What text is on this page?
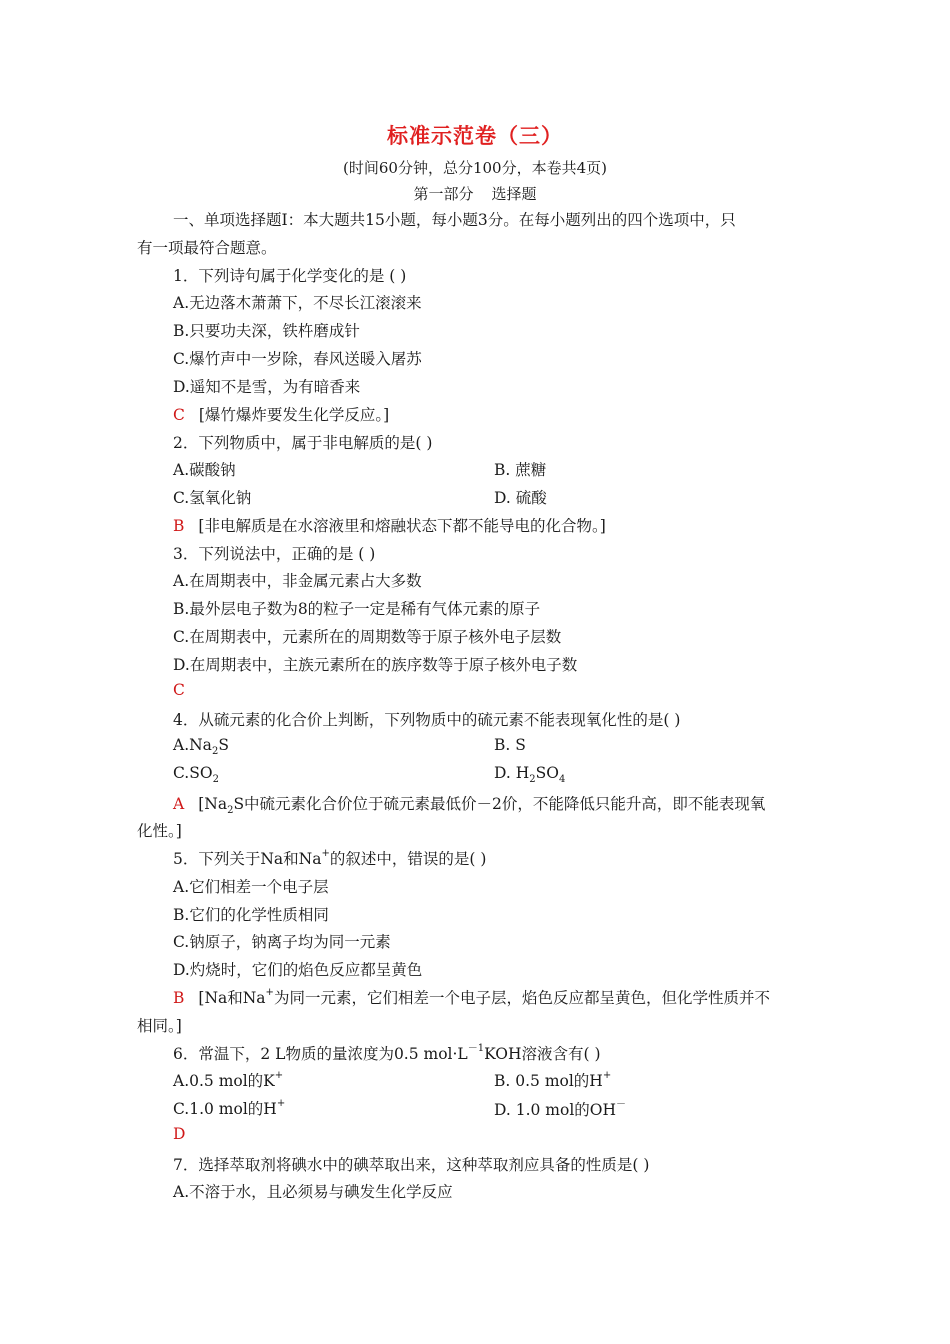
标准示范卷（三）
(时间60分钟，总分100分，本卷共4页)
第一部分 选择题
一、单项选择题Ⅰ：本大题共15小题，每小题3分。在每小题列出的四个选项中，只
有一项最符合题意。
1．下列诗句属于化学变化的是 ( )
A.无边落木萧萧下，不尽长江滚滚来
B.只要功夫深，铁杵磨成针
C.爆竹声中一岁除，春风送暖入屠苏
D.遥知不是雪，为有暗香来
C [爆竹爆炸要发生化学反应。]
2．下列物质中，属于非电解质的是( )
A.碳酸钠	B. 蔗糖
C.氢氧化钠	D. 硫酸
B [非电解质是在水溶液里和熔融状态下都不能导电的化合物。]
3．下列说法中，正确的是 ( )
A.在周期表中，非金属元素占大多数
B.最外层电子数为8的粒子一定是稀有气体元素的原子
C.在周期表中，元素所在的周期数等于原子核外电子层数
D.在周期表中，主族元素所在的族序数等于原子核外电子数
C
4．从硫元素的化合价上判断，下列物质中的硫元素不能表现氧化性的是( )
$A.Na_2S$	B. S
$C.SO_2$	D. $H_2SO_4$
A [$Na_2S$中硫元素化合价位于硫元素最低价－2价，不能降低只能升高，即不能表现氧
化性。]
5．下列关于Na和Na+的叙述中，错误的是( )
A.它们相差一个电子层
B.它们的化学性质相同
C.钠原子，钠离子均为同一元素
D.灼烧时，它们的焰色反应都呈黄色
B [Na和Na+为同一元素，它们相差一个电子层，焰色反应都呈黄色，但化学性质并不
相同。]
6．常温下，2 L物质的量浓度为0.5 $mol\cdot L^{-1}KOH$溶液含有( )
A.0.5 mol的K+	B. 0.5 mol的H+
C.1.0 mol的H+	D. 1.0 mol的OH－
D
7．选择萃取剂将碘水中的碘萃取出来，这种萃取剂应具备的性质是( )
A.不溶于水，且必须易与碘发生化学反应
